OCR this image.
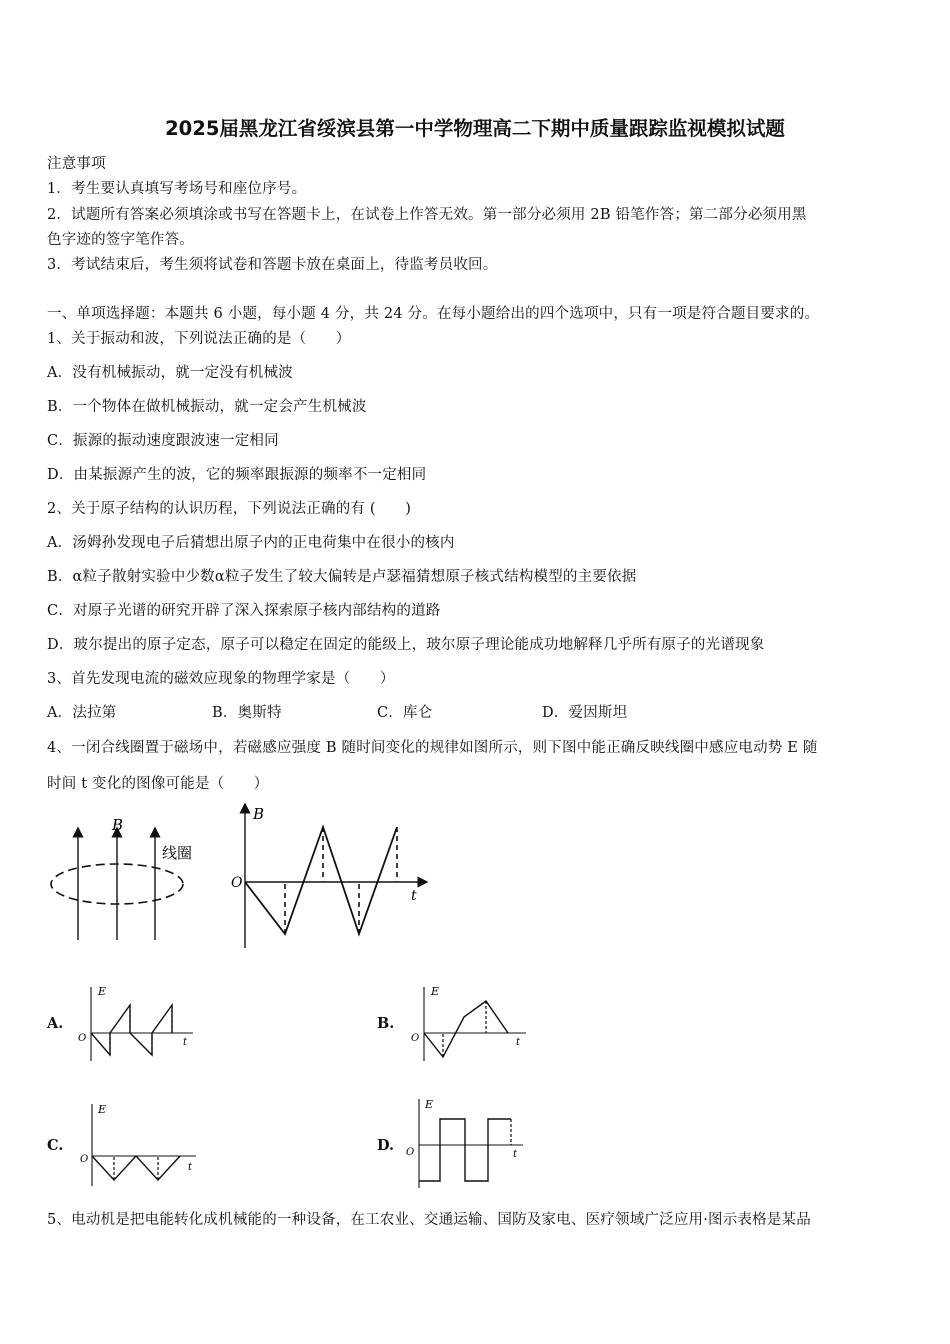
2025届黑龙江省绥滨县第一中学物理高二下期中质量跟踪监视模拟试题
注意事项
1．考生要认真填写考场号和座位序号。
2．试题所有答案必须填涂或书写在答题卡上，在试卷上作答无效。第一部分必须用 2B 铅笔作答；第二部分必须用黑
色字迹的签字笔作答。
3．考试结束后，考生须将试卷和答题卡放在桌面上，待监考员收回。
一、单项选择题：本题共 6 小题，每小题 4 分，共 24 分。在每小题给出的四个选项中，只有一项是符合题目要求的。
1、关于振动和波，下列说法正确的是（　　）
A．没有机械振动，就一定没有机械波
B．一个物体在做机械振动，就一定会产生机械波
C．振源的振动速度跟波速一定相同
D．由某振源产生的波，它的频率跟振源的频率不一定相同
2、关于原子结构的认识历程，下列说法正确的有 (　　)
A．汤姆孙发现电子后猜想出原子内的正电荷集中在很小的核内
B．α粒子散射实验中少数α粒子发生了较大偏转是卢瑟福猜想原子核式结构模型的主要依据
C．对原子光谱的研究开辟了深入探索原子核内部结构的道路
D．玻尔提出的原子定态，原子可以稳定在固定的能级上，玻尔原子理论能成功地解释几乎所有原子的光谱现象
3、首先发现电流的磁效应现象的物理学家是（　　）
A．法拉第	B．奥斯特	C．库仑	D．爱因斯坦
4、一闭合线圈置于磁场中，若磁感应强度 B 随时间变化的规律如图所示，则下图中能正确反映线圈中感应电动势 E 随
时间 t 变化的图像可能是（　　）
B
线圈
B
O
t
A.
E
O	t
B.
E
O	t
C.
E
O
t
D.
E
O	t
5、电动机是把电能转化成机械能的一种设备，在工农业、交通运输、国防及家电、医疗领域广泛应用·图示表格是某品
